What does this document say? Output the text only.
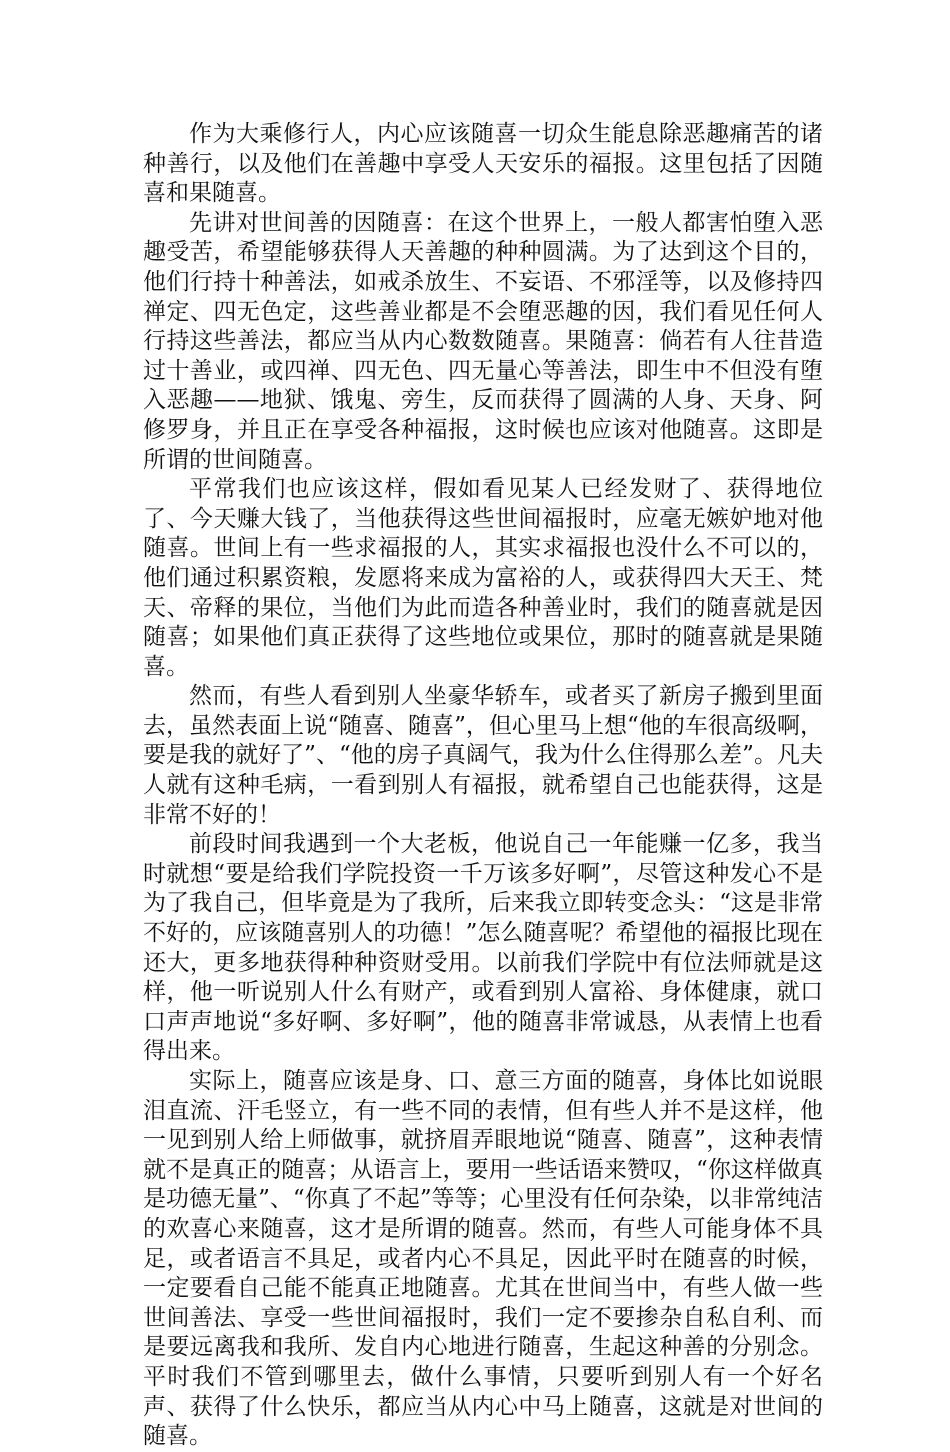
作为大乘修行人，内心应该随喜一切众生能息除恶趣痛苦的诸种善行，以及他们在善趣中享受人天安乐的福报。这里包括了因随喜和果随喜。

先讲对世间善的因随喜：在这个世界上，一般人都害怕堕入恶趣受苦，希望能够获得人天善趣的种种圆满。为了达到这个目的，他们行持十种善法，如戒杀放生、不妄语、不邪淫等，以及修持四禅定、四无色定，这些善业都是不会堕恶趣的因，我们看见任何人行持这些善法，都应当从内心数数随喜。果随喜：倘若有人往昔造过十善业，或四禅、四无色、四无量心等善法，即生中不但没有堕入恶趣——地狱、饿鬼、旁生，反而获得了圆满的人身、天身、阿修罗身，并且正在享受各种福报，这时候也应该对他随喜。这即是所谓的世间随喜。

平常我们也应该这样，假如看见某人已经发财了、获得地位了、今天赚大钱了，当他获得这些世间福报时，应毫无嫉妒地对他随喜。世间上有一些求福报的人，其实求福报也没什么不可以的，他们通过积累资粮，发愿将来成为富裕的人，或获得四大天王、梵天、帝释的果位，当他们为此而造各种善业时，我们的随喜就是因随喜；如果他们真正获得了这些地位或果位，那时的随喜就是果随喜。

然而，有些人看到别人坐豪华轿车，或者买了新房子搬到里面去，虽然表面上说“随喜、随喜”，但心里马上想“他的车很高级啊，要是我的就好了”、“他的房子真阔气，我为什么住得那么差”。凡夫人就有这种毛病，一看到别人有福报，就希望自己也能获得，这是非常不好的！

前段时间我遇到一个大老板，他说自己一年能赚一亿多，我当时就想“要是给我们学院投资一千万该多好啊”，尽管这种发心不是为了我自己，但毕竟是为了我所，后来我立即转变念头：“这是非常不好的，应该随喜别人的功德！”怎么随喜呢？希望他的福报比现在还大，更多地获得种种资财受用。以前我们学院中有位法师就是这样，他一听说别人什么有财产，或看到别人富裕、身体健康，就口口声声地说“多好啊、多好啊”，他的随喜非常诚恳，从表情上也看得出来。

实际上，随喜应该是身、口、意三方面的随喜，身体比如说眼泪直流、汗毛竖立，有一些不同的表情，但有些人并不是这样，他一见到别人给上师做事，就挤眉弄眼地说“随喜、随喜”，这种表情就不是真正的随喜；从语言上，要用一些话语来赞叹，“你这样做真是功德无量”、“你真了不起”等等；心里没有任何杂染，以非常纯洁的欢喜心来随喜，这才是所谓的随喜。然而，有些人可能身体不具足，或者语言不具足，或者内心不具足，因此平时在随喜的时候，一定要看自己能不能真正地随喜。尤其在世间当中，有些人做一些世间善法、享受一些世间福报时，我们一定不要掺杂自私自利、而是要远离我和我所、发自内心地进行随喜，生起这种善的分别念。平时我们不管到哪里去，做什么事情，只要听到别人有一个好名声、获得了什么快乐，都应当从内心中马上随喜，这就是对世间的随喜。
